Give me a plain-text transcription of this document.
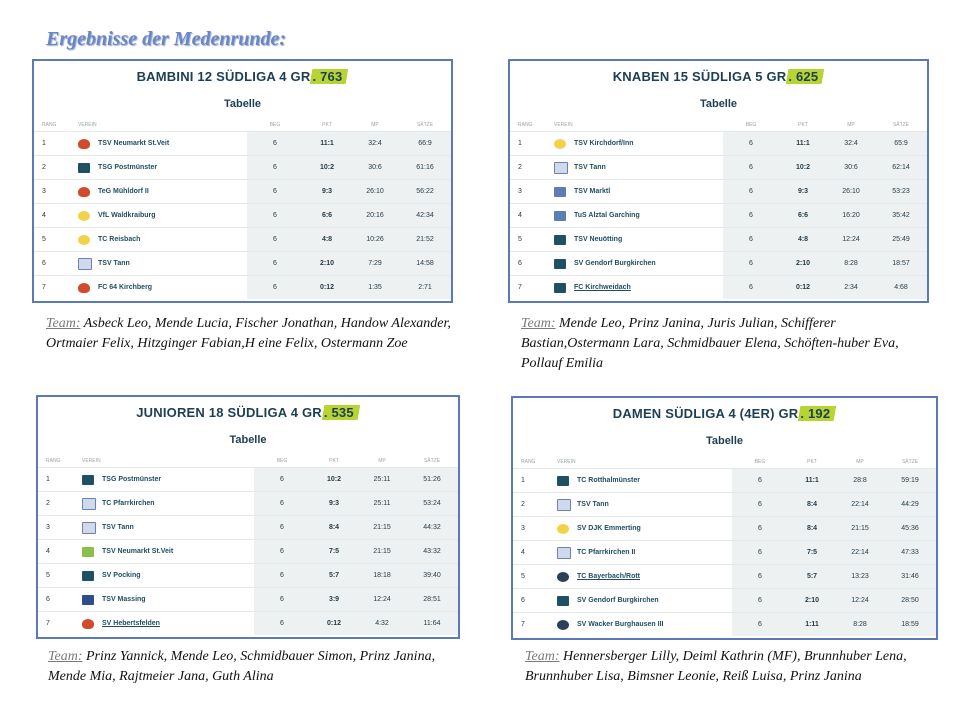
Ergebnisse der Medenrunde:
BAMBINI 12 SÜDLIGA 4 GR . 763
Tabelle
RANG	VEREIN		BEG	PKT	MP	SÄTZE
1		TSV Neumarkt St.Veit	6	11:1	32:4	66:9
2		TSG Postmünster	6	10:2	30:6	61:16
3		TeG Mühldorf II	6	9:3	26:10	56:22
4		VfL Waldkraiburg	6	6:6	20:16	42:34
5		TC Reisbach	6	4:8	10:26	21:52
6		TSV Tann	6	2:10	7:29	14:58
7		FC 64 Kirchberg	6	0:12	1:35	2:71
KNABEN 15 SÜDLIGA 5 GR . 625
Tabelle
RANG	VEREIN		BEG	PKT	MP	SÄTZE
1		TSV Kirchdorf/Inn	6	11:1	32:4	65:9
2		TSV Tann	6	10:2	30:6	62:14
3		TSV Marktl	6	9:3	26:10	53:23
4		TuS Alztal Garching	6	6:6	16:20	35:42
5		TSV Neuötting	6	4:8	12:24	25:49
6		SV Gendorf Burgkirchen	6	2:10	8:28	18:57
7		FC Kirchweidach	6	0:12	2:34	4:68
JUNIOREN 18 SÜDLIGA 4 GR . 535
Tabelle
RANG	VEREIN		BEG	PKT	MP	SÄTZE
1		TSG Postmünster	6	10:2	25:11	51:26
2		TC Pfarrkirchen	6	9:3	25:11	53:24
3		TSV Tann	6	8:4	21:15	44:32
4		TSV Neumarkt St.Veit	6	7:5	21:15	43:32
5		SV Pocking	6	5:7	18:18	39:40
6		TSV Massing	6	3:9	12:24	28:51
7		SV Hebertsfelden	6	0:12	4:32	11:64
DAMEN SÜDLIGA 4 (4ER) GR . 192
Tabelle
RANG	VEREIN		BEG	PKT	MP	SÄTZE
1		TC Rotthalmünster	6	11:1	28:8	59:19
2		TSV Tann	6	8:4	22:14	44:29
3		SV DJK Emmerting	6	8:4	21:15	45:36
4		TC Pfarrkirchen II	6	7:5	22:14	47:33
5		TC Bayerbach/Rott	6	5:7	13:23	31:46
6		SV Gendorf Burgkirchen	6	2:10	12:24	28:50
7		SV Wacker Burghausen III	6	1:11	8:28	18:59
Team: Asbeck Leo, Mende Lucia, Fischer Jonathan, Handow Alexander, Ortmaier Felix, Hitzginger Fabian,H eine Felix, Ostermann Zoe
Team: Mende Leo, Prinz Janina, Juris Julian, Schifferer Bastian,Ostermann Lara, Schmidbauer Elena, Schöften-huber Eva, Pollauf Emilia
Team: Prinz Yannick, Mende Leo, Schmidbauer Simon, Prinz Janina, Mende Mia, Rajtmeier Jana, Guth Alina
Team: Hennersberger Lilly, Deiml Kathrin (MF), Brunnhuber Lena, Brunnhuber Lisa, Bimsner Leonie, Reiß Luisa, Prinz Janina
